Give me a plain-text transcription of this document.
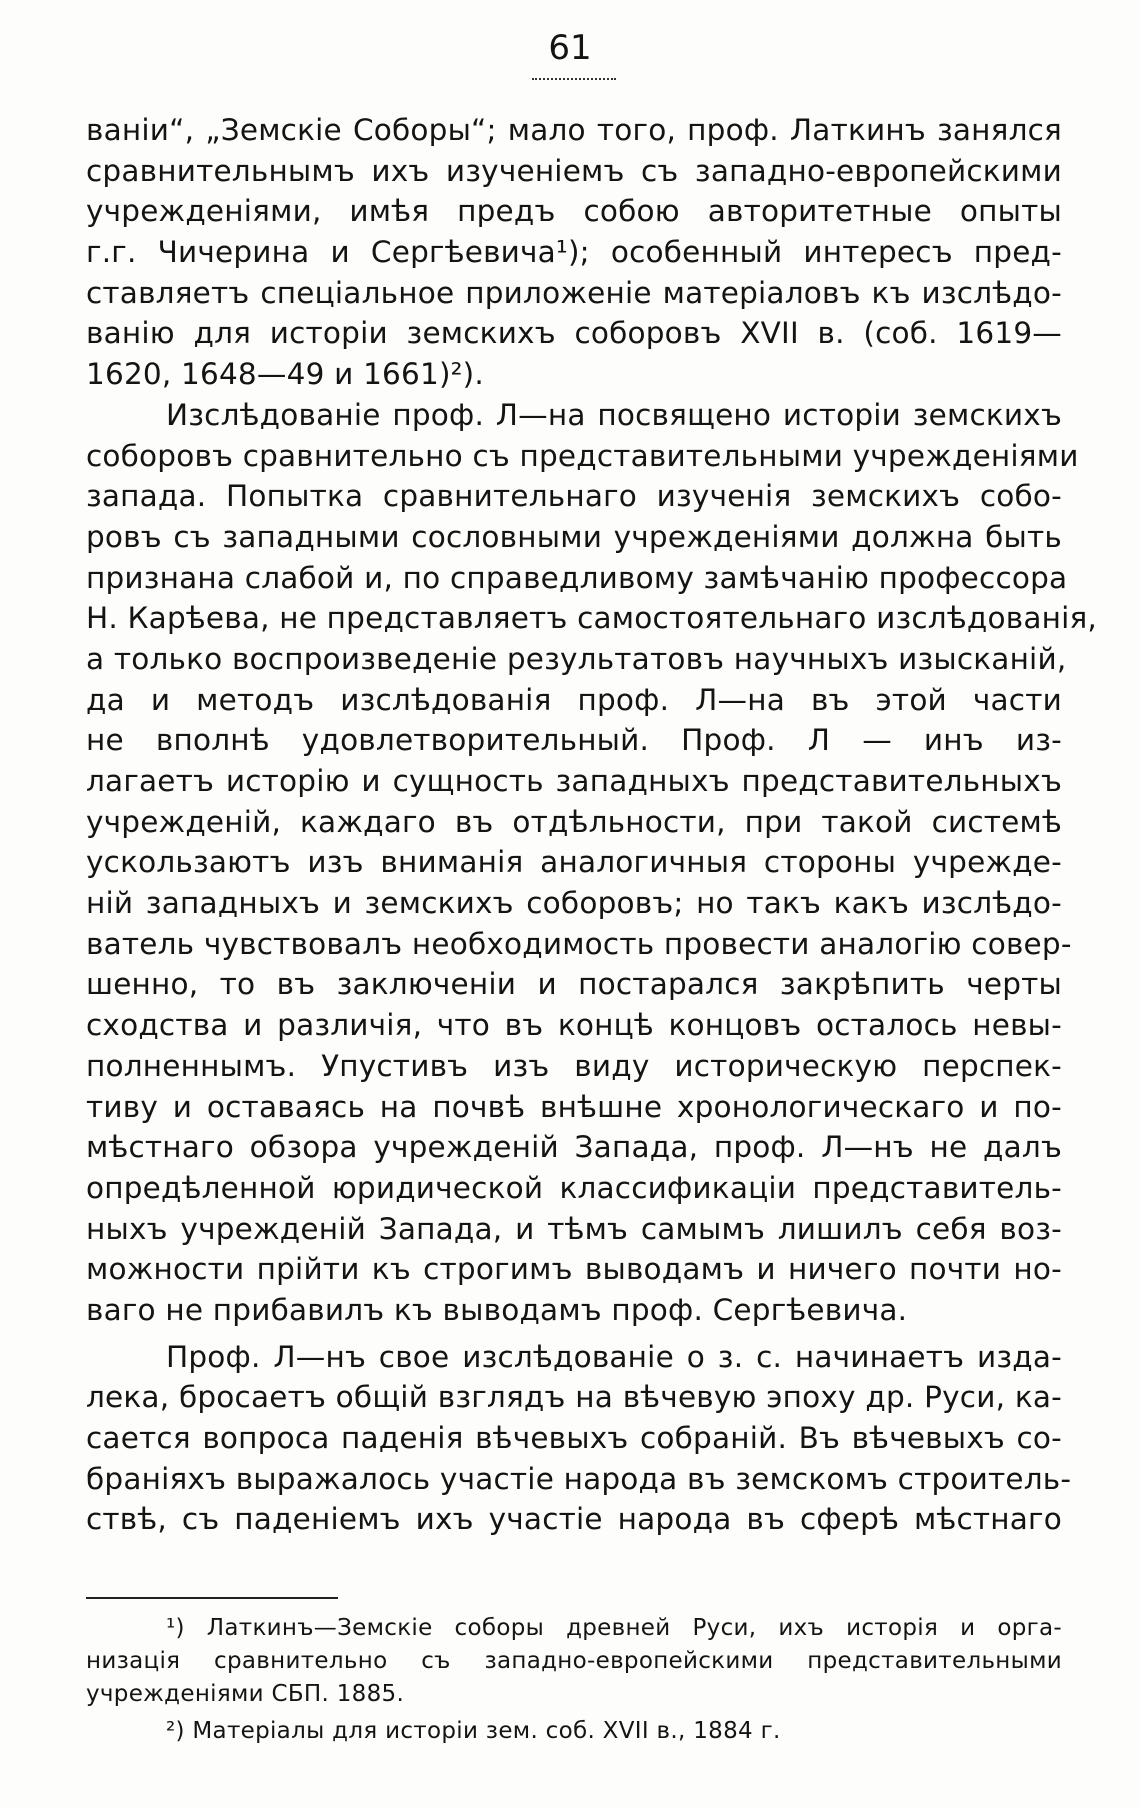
61
ванiи“, „Земскiе Соборы“; мало того, проф. Латкинъ занялся
сравнительнымъ ихъ изученiемъ съ западно-европейскими
учрежденiями, имѣя предъ собою авторитетные опыты
г.г. Чичерина и Сергѣевича¹); особенный интересъ пред-
ставляетъ спецiальное приложенiе матерiаловъ къ изслѣдо-
ванiю для исторiи земскихъ соборовъ XVII в. (соб. 1619—
1620, 1648—49 и 1661)²).
Изслѣдованiе проф. Л—на посвящено исторiи земскихъ
соборовъ сравнительно съ представительными учрежденiями
запада. Попытка сравнительнаго изученiя земскихъ собо-
ровъ съ западными сословными учрежденiями должна быть
признана слабой и, по справедливому замѣчанiю профессора
Н. Карѣева, не представляетъ самостоятельнаго изслѣдованiя,
а только воспроизведенiе результатовъ научныхъ изысканiй,
да и методъ изслѣдованiя проф. Л—на въ этой части
не вполнѣ удовлетворительный. Проф. Л — инъ из-
лагаетъ исторiю и сущность западныхъ представительныхъ
учрежденiй, каждаго въ отдѣльности, при такой системѣ
ускользаютъ изъ вниманiя аналогичныя стороны учрежде-
нiй западныхъ и земскихъ соборовъ; но такъ какъ изслѣдо-
ватель чувствовалъ необходимость провести аналогiю совер-
шенно, то въ заключенiи и постарался закрѣпить черты
сходства и различiя, что въ концѣ концовъ осталось невы-
полненнымъ. Упустивъ изъ виду историческую перспек-
тиву и оставаясь на почвѣ внѣшне хронологическаго и по-
мѣстнаго обзора учрежденiй Запада, проф. Л—нъ не далъ
опредѣленной юридической классификацiи представитель-
ныхъ учрежденiй Запада, и тѣмъ самымъ лишилъ себя воз-
можности прiйти къ строгимъ выводамъ и ничего почти но-
ваго не прибавилъ къ выводамъ проф. Сергѣевича.
Проф. Л—нъ свое изслѣдованiе о з. с. начинаетъ изда-
лека, бросаетъ общiй взглядъ на вѣчевую эпоху др. Руси, ка-
сается вопроса паденiя вѣчевыхъ собранiй. Въ вѣчевыхъ со-
бранiяхъ выражалось участiе народа въ земскомъ строитель-
ствѣ, съ паденiемъ ихъ участiе народа въ сферѣ мѣстнаго
¹) Латкинъ—Земскiе соборы древней Руси, ихъ исторiя и орга-
низацiя сравнительно съ западно-европейскими представительными
учрежденiями СБП. 1885.
²) Матерiалы для исторiи зем. соб. XVII в., 1884 г.
